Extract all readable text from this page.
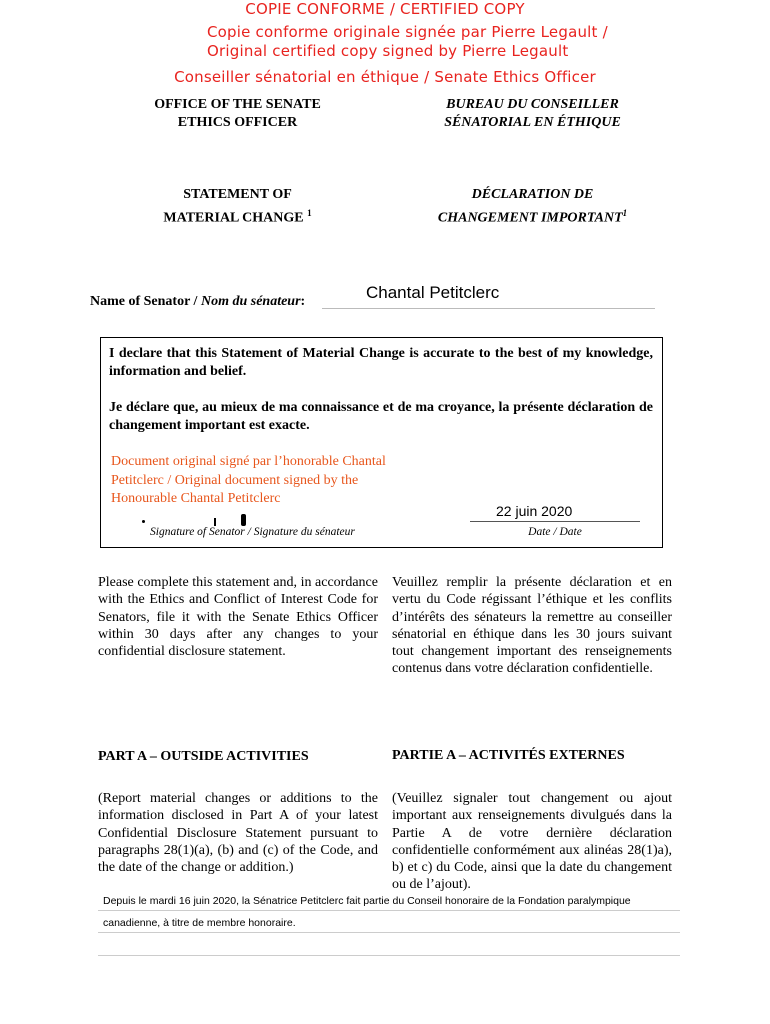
COPIE CONFORME / CERTIFIED COPY
Copie conforme originale signée par Pierre Legault /
Original certified copy signed by Pierre Legault
Conseiller sénatorial en éthique / Senate Ethics Officer
OFFICE OF THE SENATE
ETHICS OFFICER
BUREAU DU CONSEILLER
SÉNATORIAL EN ÉTHIQUE
STATEMENT OF
MATERIAL CHANGE $^1$
DÉCLARATION DE
CHANGEMENT IMPORTANT$^1$
Name of Senator / Nom du sénateur:	Chantal Petitclerc
I declare that this Statement of Material Change is accurate to the best of my knowledge, information and belief.
Je déclare que, au mieux de ma connaissance et de ma croyance, la présente déclaration de changement important est exacte.
Document original signé par l’honorable Chantal
Petitclerc / Original document signed by the
Honourable Chantal Petitclerc
Signature of Senator / Signature du sénateur
22 juin 2020
Date / Date
Please complete this statement and, in accordance with the Ethics and Conflict of Interest Code for Senators, file it with the Senate Ethics Officer within 30 days after any changes to your confidential disclosure statement.
Veuillez remplir la présente déclaration et en vertu du Code régissant l’éthique et les conflits d’intérêts des sénateurs la remettre au conseiller sénatorial en éthique dans les 30 jours suivant tout changement important des renseignements contenus dans votre déclaration confidentielle.
PART A – OUTSIDE ACTIVITIES	PARTIE A – ACTIVITÉS EXTERNES
(Report material changes or additions to the information disclosed in Part A of your latest Confidential Disclosure Statement pursuant to paragraphs 28(1)(a), (b) and (c) of the Code, and the date of the change or addition.)
(Veuillez signaler tout changement ou ajout important aux renseignements divulgués dans la Partie A de votre dernière déclaration confidentielle conformément aux alinéas 28(1)a), b) et c) du Code, ainsi que la date du changement ou de l’ajout).
Depuis le mardi 16 juin 2020, la Sénatrice Petitclerc fait partie du Conseil honoraire de la Fondation paralympique
canadienne, à titre de membre honoraire.
